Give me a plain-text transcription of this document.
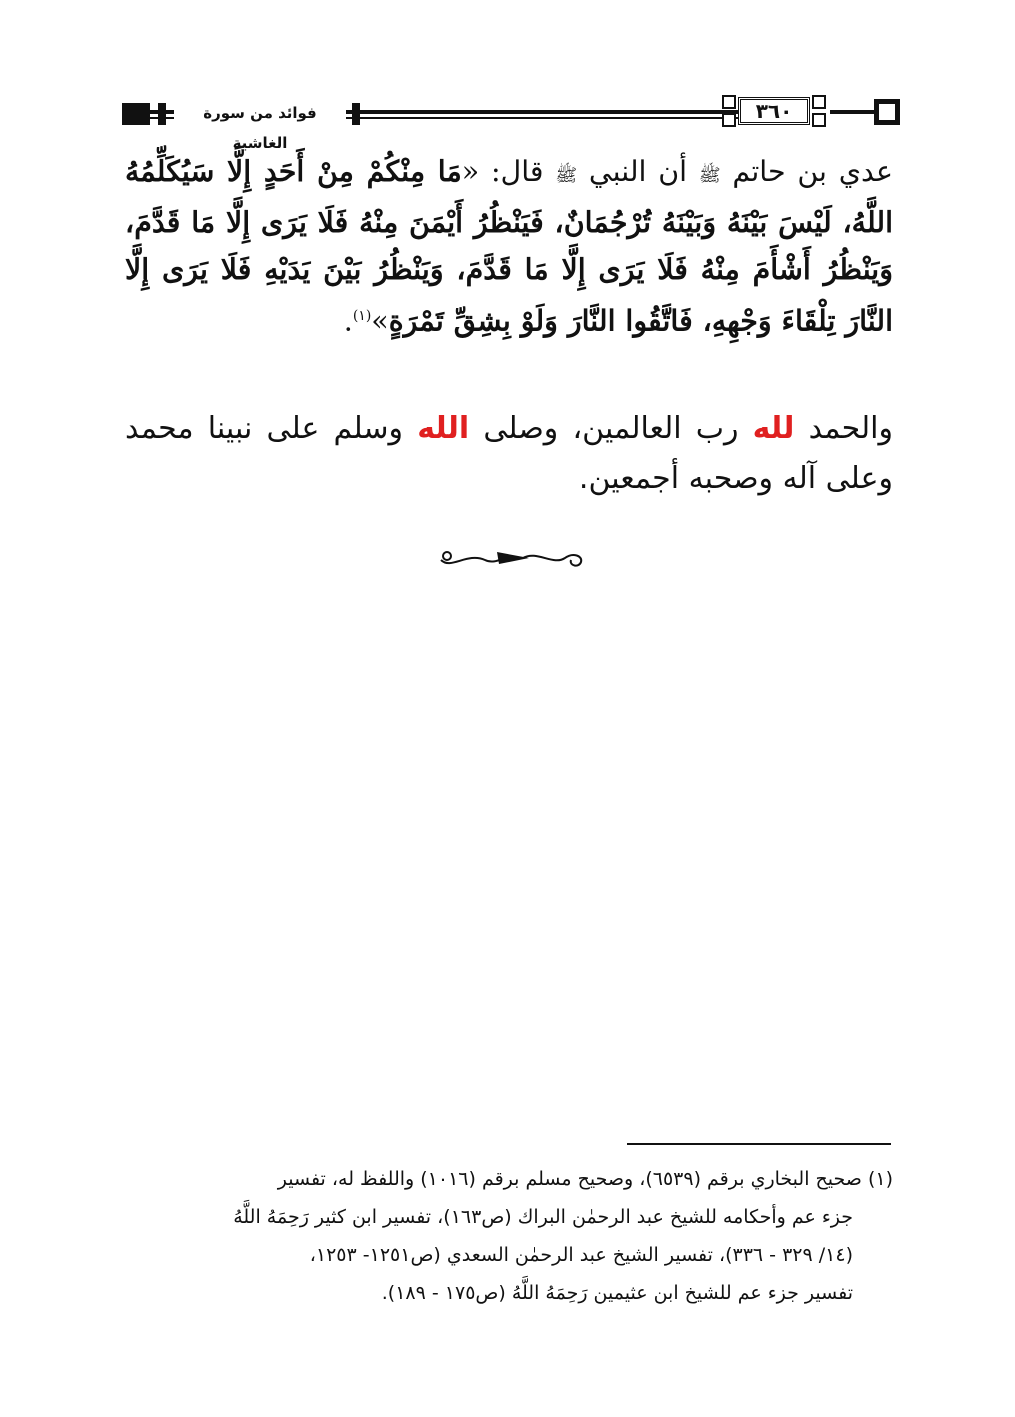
فوائد من سورة الغاشية
٣٦٠
عدي بن حاتم ﷺ أن النبي ﷺ قال: «مَا مِنْكُمْ مِنْ أَحَدٍ إِلَّا سَيُكَلِّمُهُ اللَّهُ، لَيْسَ بَيْنَهُ وَبَيْنَهُ تُرْجُمَانٌ، فَيَنْظُرُ أَيْمَنَ مِنْهُ فَلَا يَرَى إِلَّا مَا قَدَّمَ، وَيَنْظُرُ أَشْأَمَ مِنْهُ فَلَا يَرَى إِلَّا مَا قَدَّمَ، وَيَنْظُرُ بَيْنَ يَدَيْهِ فَلَا يَرَى إِلَّا النَّارَ تِلْقَاءَ وَجْهِهِ، فَاتَّقُوا النَّارَ وَلَوْ بِشِقِّ تَمْرَةٍ»$^{(١)}$.
والحمد لله رب العالمين، وصلى الله وسلم على نبينا محمد وعلى آله وصحبه أجمعين.
(١) صحيح البخاري برقم (٦٥٣٩)، وصحيح مسلم برقم (١٠١٦) واللفظ له، تفسير
جزء عم وأحكامه للشيخ عبد الرحمٰن البراك (ص١٦٣)، تفسير ابن كثير رَحِمَهُ اللَّهُ
(١٤/ ٣٢٩ - ٣٣٦)، تفسير الشيخ عبد الرحمٰن السعدي (ص١٢٥١- ١٢٥٣،
تفسير جزء عم للشيخ ابن عثيمين رَحِمَهُ اللَّهُ (ص١٧٥ - ١٨٩).
